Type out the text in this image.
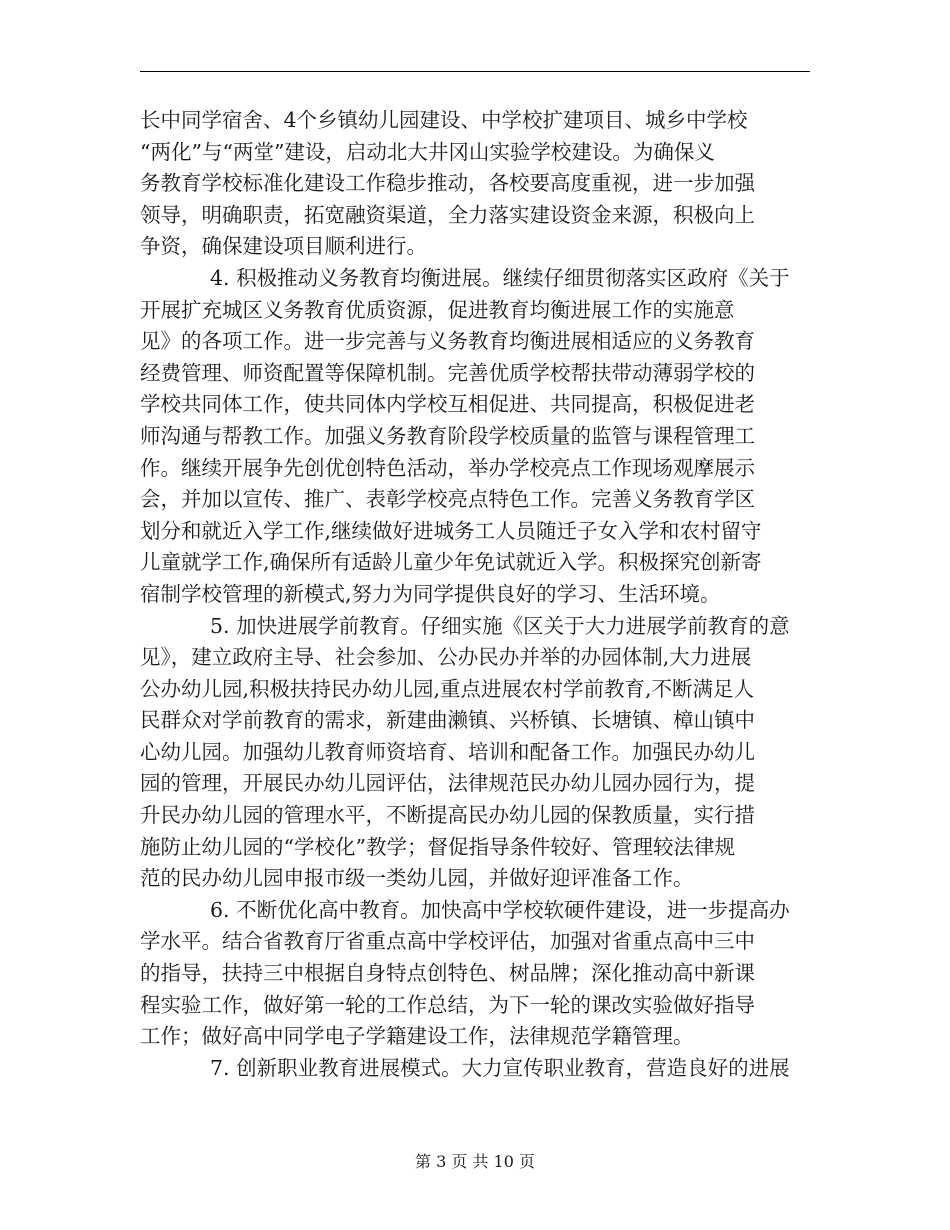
长中同学宿舍、4个乡镇幼儿园建设、中学校扩建项目、城乡中学校
“两化”与“两堂”建设，启动北大井冈山实验学校建设。为确保义
务教育学校标准化建设工作稳步推动，各校要高度重视，进一步加强
领导，明确职责，拓宽融资渠道，全力落实建设资金来源，积极向上
争资，确保建设项目顺利进行。
4. 积极推动义务教育均衡进展。继续仔细贯彻落实区政府《关于
开展扩充城区义务教育优质资源，促进教育均衡进展工作的实施意
见》的各项工作。进一步完善与义务教育均衡进展相适应的义务教育
经费管理、师资配置等保障机制。完善优质学校帮扶带动薄弱学校的
学校共同体工作，使共同体内学校互相促进、共同提高，积极促进老
师沟通与帮教工作。加强义务教育阶段学校质量的监管与课程管理工
作。继续开展争先创优创特色活动，举办学校亮点工作现场观摩展示
会，并加以宣传、推广、表彰学校亮点特色工作。完善义务教育学区
划分和就近入学工作,继续做好进城务工人员随迁子女入学和农村留守
儿童就学工作,确保所有适龄儿童少年免试就近入学。积极探究创新寄
宿制学校管理的新模式,努力为同学提供良好的学习、生活环境。
5. 加快进展学前教育。仔细实施《区关于大力进展学前教育的意
见》，建立政府主导、社会参加、公办民办并举的办园体制,大力进展
公办幼儿园,积极扶持民办幼儿园,重点进展农村学前教育,不断满足人
民群众对学前教育的需求，新建曲濑镇、兴桥镇、长塘镇、樟山镇中
心幼儿园。加强幼儿教育师资培育、培训和配备工作。加强民办幼儿
园的管理，开展民办幼儿园评估，法律规范民办幼儿园办园行为，提
升民办幼儿园的管理水平，不断提高民办幼儿园的保教质量，实行措
施防止幼儿园的“学校化”教学；督促指导条件较好、管理较法律规
范的民办幼儿园申报市级一类幼儿园，并做好迎评准备工作。
6. 不断优化高中教育。加快高中学校软硬件建设，进一步提高办
学水平。结合省教育厅省重点高中学校评估，加强对省重点高中三中
的指导，扶持三中根据自身特点创特色、树品牌；深化推动高中新课
程实验工作，做好第一轮的工作总结，为下一轮的课改实验做好指导
工作；做好高中同学电子学籍建设工作，法律规范学籍管理。
7. 创新职业教育进展模式。大力宣传职业教育，营造良好的进展
第 3 页 共 10 页
